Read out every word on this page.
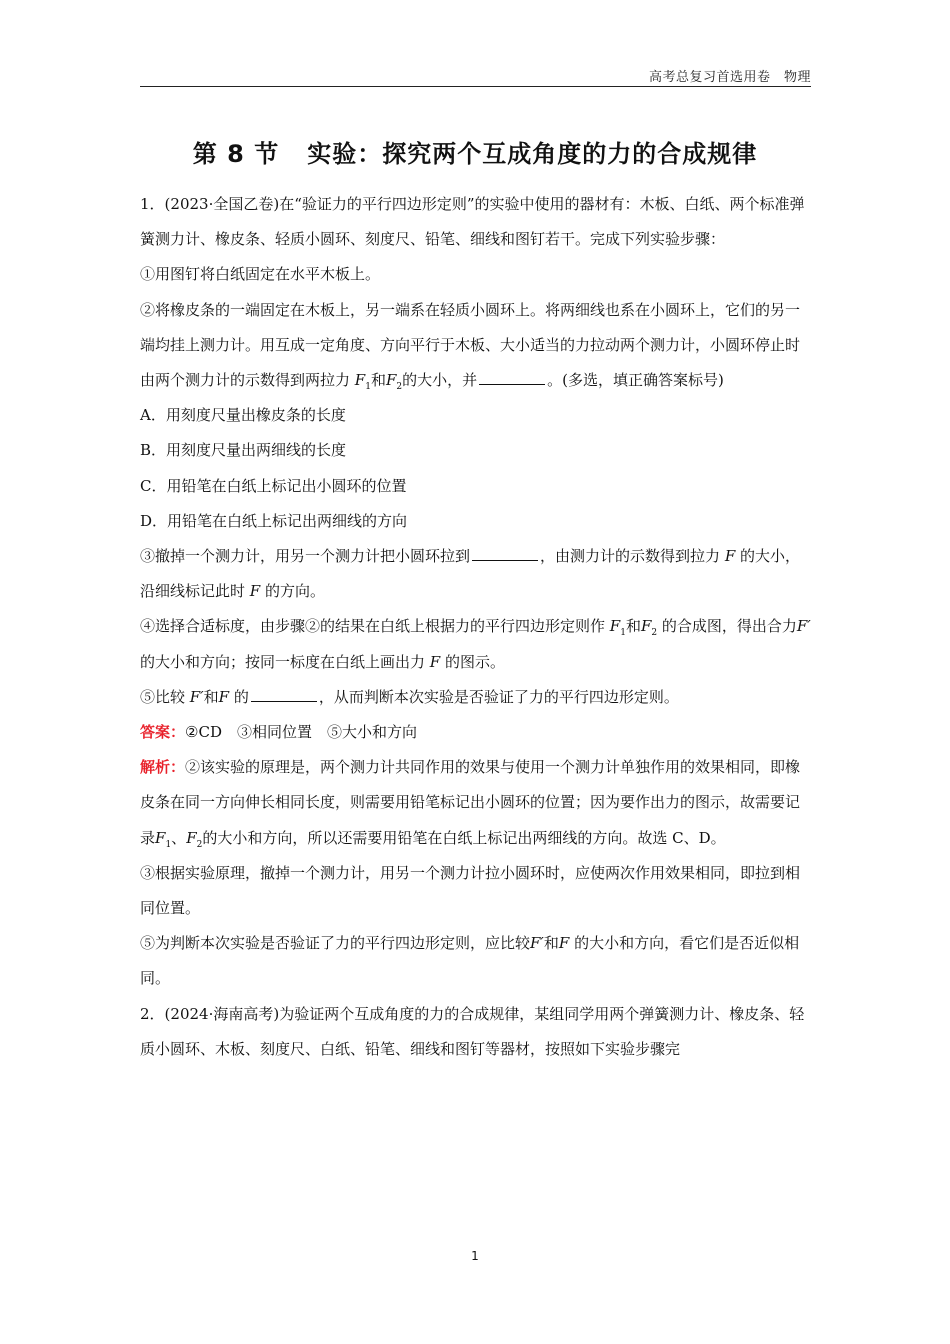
高考总复习首选用卷　物理
第 8 节 实验：探究两个互成角度的力的合成规律

1．(2023·全国乙卷)在“验证力的平行四边形定则”的实验中使用的器材有：木板、白纸、两个标准弹簧测力计、橡皮条、轻质小圆环、刻度尺、铅笔、细线和图钉若干。完成下列实验步骤：

①用图钉将白纸固定在水平木板上。

②将橡皮条的一端固定在木板上，另一端系在轻质小圆环上。将两细线也系在小圆环上，它们的另一端均挂上测力计。用互成一定角度、方向平行于木板、大小适当的力拉动两个测力计，小圆环停止时由两个测力计的示数得到两拉力 $F_1$和$F_2$的大小，并	。(多选，填正确答案标号)

A．用刻度尺量出橡皮条的长度

B．用刻度尺量出两细线的长度

C．用铅笔在白纸上标记出小圆环的位置

D．用铅笔在白纸上标记出两细线的方向

③撤掉一个测力计，用另一个测力计把小圆环拉到	，由测力计的示数得到拉力 F 的大小，沿细线标记此时 F 的方向。

④选择合适标度，由步骤②的结果在白纸上根据力的平行四边形定则作 $F_1$和$F_2$ 的合成图，得出合力F′的大小和方向；按同一标度在白纸上画出力 F 的图示。

⑤比较 F′和F 的	，从而判断本次实验是否验证了力的平行四边形定则。

答案：②CD　③相同位置　⑤大小和方向

解析：②该实验的原理是，两个测力计共同作用的效果与使用一个测力计单独作用的效果相同，即橡皮条在同一方向伸长相同长度，则需要用铅笔标记出小圆环的位置；因为要作出力的图示，故需要记录$F_1$、$F_2$的大小和方向，所以还需要用铅笔在白纸上标记出两细线的方向。故选 C、D。

③根据实验原理，撤掉一个测力计，用另一个测力计拉小圆环时，应使两次作用效果相同，即拉到相同位置。

⑤为判断本次实验是否验证了力的平行四边形定则，应比较F′和F 的大小和方向，看它们是否近似相同。

2．(2024·海南高考)为验证两个互成角度的力的合成规律，某组同学用两个弹簧测力计、橡皮条、轻质小圆环、木板、刻度尺、白纸、铅笔、细线和图钉等器材，按照如下实验步骤完

1
